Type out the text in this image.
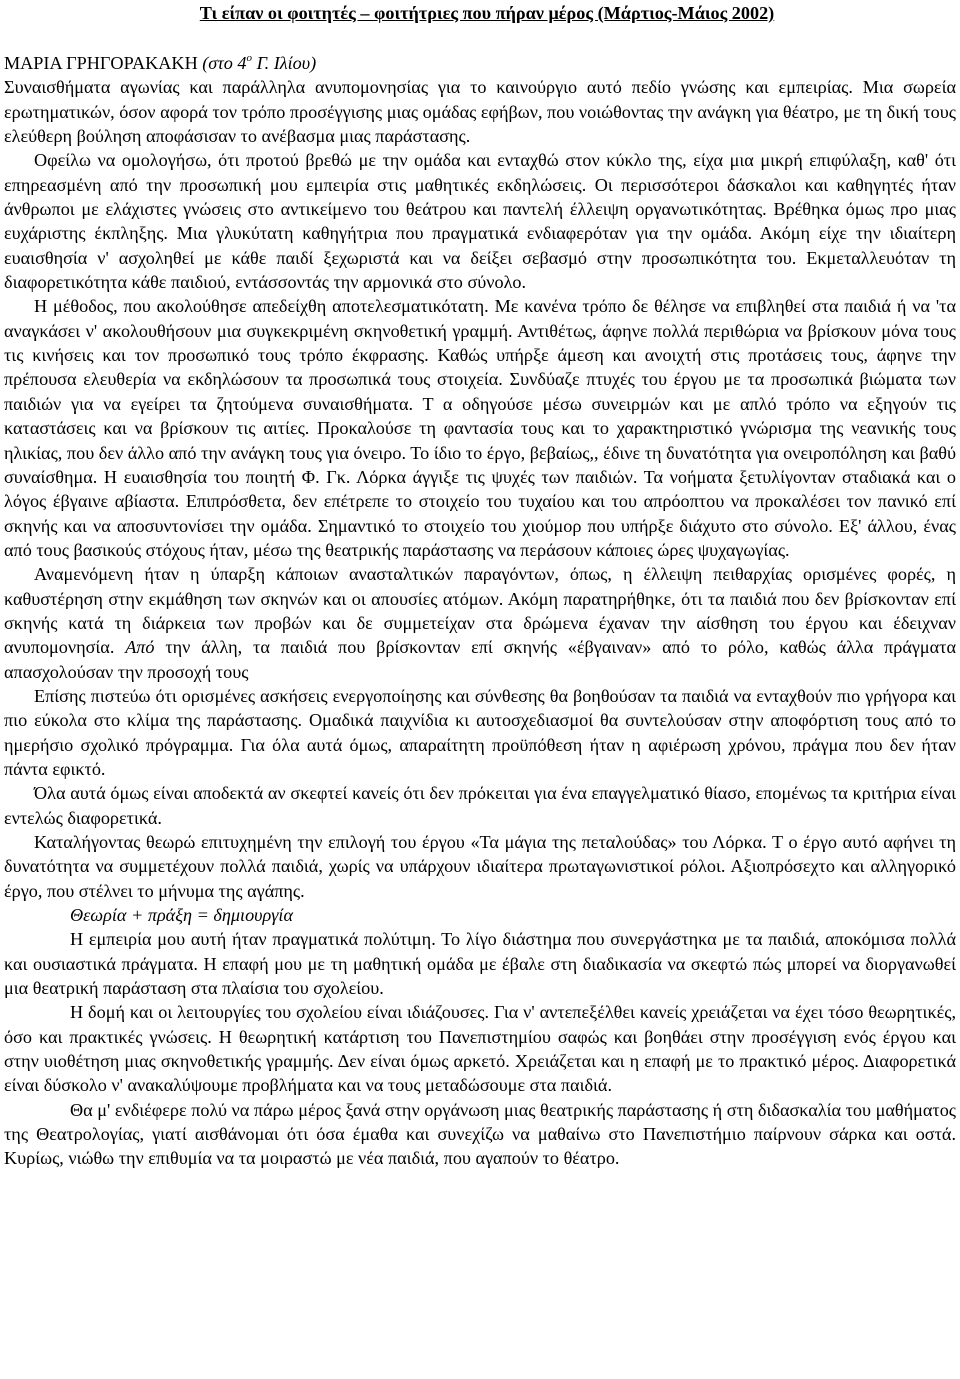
Τι είπαν οι φοιτητές – φοιτήτριες που πήραν μέρος (Μάρτιος-Μάιος 2002)

ΜΑΡΙΑ ΓΡΗΓΟΡΑΚΑΚΗ (στο $4^o$ Γ. Ιλίου)

Συναισθήματα αγωνίας και παράλληλα ανυπομονησίας για το καινούργιο αυτό πεδίο γνώσης και εμπειρίας. Μια σωρεία ερωτηματικών, όσον αφορά τον τρόπο προσέγγισης μιας ομάδας εφήβων, που νοιώθοντας την ανάγκη για θέατρο, με τη δική τους ελεύθερη βούληση αποφάσισαν το ανέβασμα μιας παράστασης.

Οφείλω να ομολογήσω, ότι προτού βρεθώ με την ομάδα και ενταχθώ στον κύκλο της, είχα μια μικρή επιφύλαξη, καθ' ότι επηρεασμένη από την προσωπική μου εμπειρία στις μαθητικές εκδηλώσεις. Οι περισσότεροι δάσκαλοι και καθηγητές ήταν άνθρωποι με ελάχιστες γνώσεις στο αντικείμενο του θεάτρου και παντελή έλλειψη οργανωτικότητας. Βρέθηκα όμως προ μιας ευχάριστης έκπληξης. Μια γλυκύτατη καθηγήτρια που πραγματικά ενδιαφερόταν για την ομάδα. Ακόμη είχε την ιδιαίτερη ευαισθησία ν' ασχοληθεί με κάθε παιδί ξεχωριστά και να δείξει σεβασμό στην προσωπικότητα του. Εκμεταλλευόταν τη διαφορετικότητα κάθε παιδιού, εντάσσοντάς την αρμονικά στο σύνολο.

Η μέθοδος, που ακολούθησε απεδείχθη αποτελεσματικότατη. Με κανένα τρόπο δε θέλησε να επιβληθεί στα παιδιά ή να 'τα αναγκάσει ν' ακολουθήσουν μια συγκεκριμένη σκηνοθετική γραμμή. Αντιθέτως, άφηνε πολλά περιθώρια να βρίσκουν μόνα τους τις κινήσεις και τον προσωπικό τους τρόπο έκφρασης. Καθώς υπήρξε άμεση και ανοιχτή στις προτάσεις τους, άφηνε την πρέπουσα ελευθερία να εκδηλώσουν τα προσωπικά τους στοιχεία. Συνδύαζε πτυχές του έργου με τα προσωπικά βιώματα των παιδιών για να εγείρει τα ζητούμενα συναισθήματα. Τ α οδηγούσε μέσω συνειρμών και με απλό τρόπο να εξηγούν τις καταστάσεις και να βρίσκουν τις αιτίες. Προκαλούσε τη φαντασία τους και το χαρακτηριστικό γνώρισμα της νεανικής τους ηλικίας, που δεν άλλο από την ανάγκη τους για όνειρο. Το ίδιο το έργο, βεβαίως,, έδινε τη δυνατότητα για ονειροπόληση και βαθύ συναίσθημα. Η ευαισθησία του ποιητή Φ. Γκ. Λόρκα άγγιξε τις ψυχές των παιδιών. Τα νοήματα ξετυλίγονταν σταδιακά και ο λόγος έβγαινε αβίαστα. Επιπρόσθετα, δεν επέτρεπε το στοιχείο του τυχαίου και του απρόοπτου να προκαλέσει τον πανικό επί σκηνής και να αποσυντονίσει την ομάδα. Σημαντικό το στοιχείο του χιούμορ που υπήρξε διάχυτο στο σύνολο. Εξ' άλλου, ένας από τους βασικούς στόχους ήταν, μέσω της θεατρικής παράστασης να περάσουν κάποιες ώρες ψυχαγωγίας.

Αναμενόμενη ήταν η ύπαρξη κάποιων ανασταλτικών παραγόντων, όπως, η έλλειψη πειθαρχίας ορισμένες φορές, η καθυστέρηση στην εκμάθηση των σκηνών και οι απουσίες ατόμων. Ακόμη παρατηρήθηκε, ότι τα παιδιά που δεν βρίσκονταν επί σκηνής κατά τη διάρκεια των προβών και δε συμμετείχαν στα δρώμενα έχαναν την αίσθηση του έργου και έδειχναν ανυπομονησία. Από την άλλη, τα παιδιά που βρίσκονταν επί σκηνής «έβγαιναν» από το ρόλο, καθώς άλλα πράγματα απασχολούσαν την προσοχή τους

Επίσης πιστεύω ότι ορισμένες ασκήσεις ενεργοποίησης και σύνθεσης θα βοηθούσαν τα παιδιά να ενταχθούν πιο γρήγορα και πιο εύκολα στο κλίμα της παράστασης. Ομαδικά παιχνίδια κι αυτοσχεδιασμοί θα συντελούσαν στην αποφόρτιση τους από το ημερήσιο σχολικό πρόγραμμα. Για όλα αυτά όμως, απαραίτητη προϋπόθεση ήταν η αφιέρωση χρόνου, πράγμα που δεν ήταν πάντα εφικτό.

Όλα αυτά όμως είναι αποδεκτά αν σκεφτεί κανείς ότι δεν πρόκειται για ένα επαγγελματικό θίασο, επομένως τα κριτήρια είναι εντελώς διαφορετικά.

Καταλήγοντας θεωρώ επιτυχημένη την επιλογή του έργου «Τα μάγια της πεταλούδας» του Λόρκα. Τ ο έργο αυτό αφήνει τη δυνατότητα να συμμετέχουν πολλά παιδιά, χωρίς να υπάρχουν ιδιαίτερα πρωταγωνιστικοί ρόλοι. Αξιοπρόσεχτο και αλληγορικό έργο, που στέλνει το μήνυμα της αγάπης.

Θεωρία + πράξη = δημιουργία

Η εμπειρία μου αυτή ήταν πραγματικά πολύτιμη. Το λίγο διάστημα που συνεργάστηκα με τα παιδιά, αποκόμισα πολλά και ουσιαστικά πράγματα. Η επαφή μου με τη μαθητική ομάδα με έβαλε στη διαδικασία να σκεφτώ πώς μπορεί να διοργανωθεί μια θεατρική παράσταση στα πλαίσια του σχολείου.

Η δομή και οι λειτουργίες του σχολείου είναι ιδιάζουσες. Για ν' αντεπεξέλθει κανείς χρειάζεται να έχει τόσο θεωρητικές, όσο και πρακτικές γνώσεις. Η θεωρητική κατάρτιση του Πανεπιστημίου σαφώς και βοηθάει στην προσέγγιση ενός έργου και στην υιοθέτηση μιας σκηνοθετικής γραμμής. Δεν είναι όμως αρκετό. Χρειάζεται και η επαφή με το πρακτικό μέρος. Διαφορετικά είναι δύσκολο ν' ανακαλύψουμε προβλήματα και να τους μεταδώσουμε στα παιδιά.

Θα μ' ενδιέφερε πολύ να πάρω μέρος ξανά στην οργάνωση μιας θεατρικής παράστασης ή στη διδασκαλία του μαθήματος της Θεατρολογίας, γιατί αισθάνομαι ότι όσα έμαθα και συνεχίζω να μαθαίνω στο Πανεπιστήμιο παίρνουν σάρκα και οστά. Κυρίως, νιώθω την επιθυμία να τα μοιραστώ με νέα παιδιά, που αγαπούν το θέατρο.
